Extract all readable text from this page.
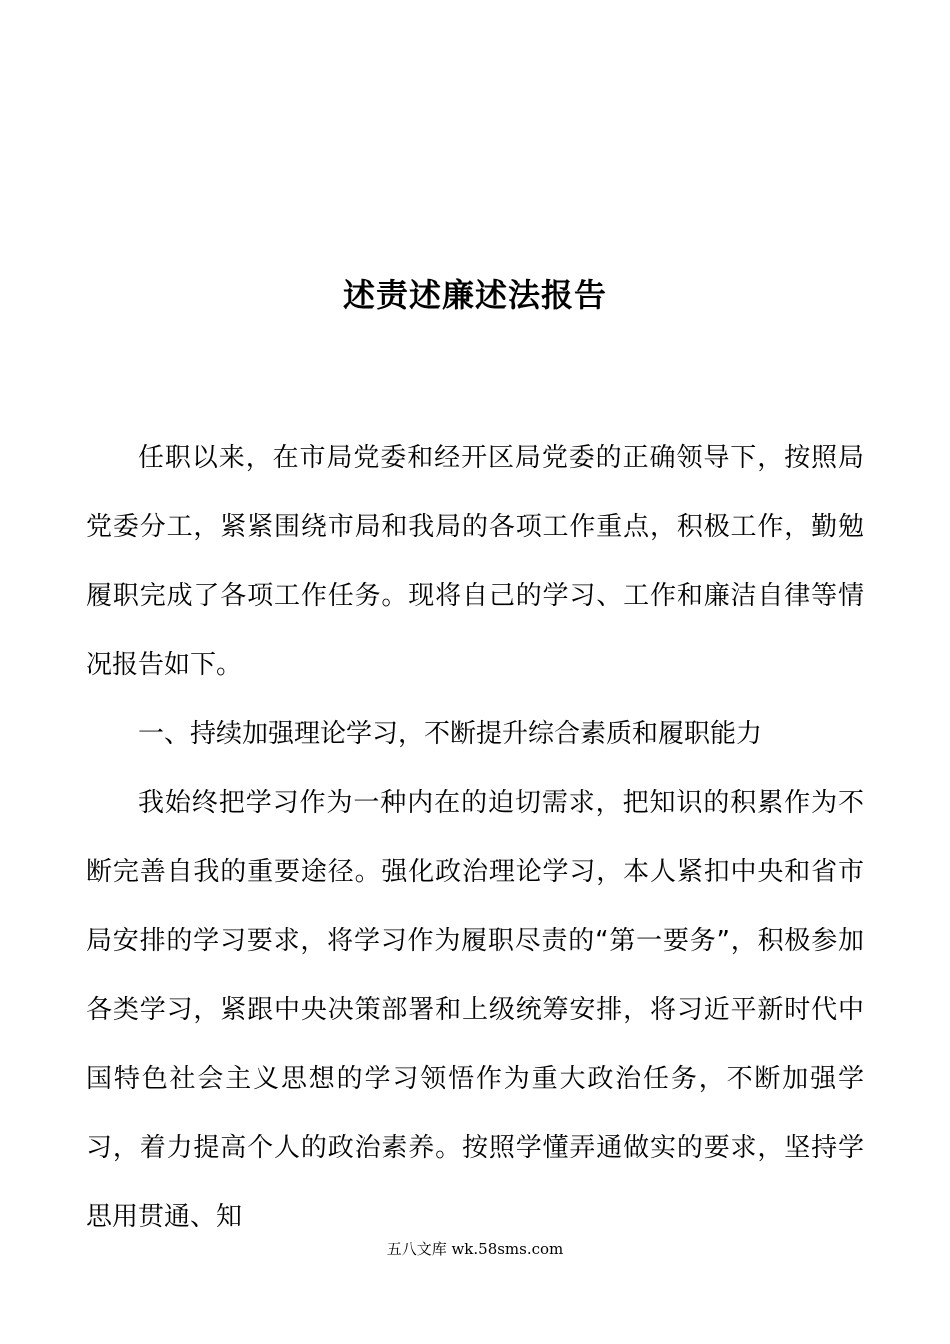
述责述廉述法报告

任职以来，在市局党委和经开区局党委的正确领导下，按照局党委分工，紧紧围绕市局和我局的各项工作重点，积极工作，勤勉履职完成了各项工作任务。现将自己的学习、工作和廉洁自律等情况报告如下。

一、持续加强理论学习，不断提升综合素质和履职能力

我始终把学习作为一种内在的迫切需求，把知识的积累作为不断完善自我的重要途径。强化政治理论学习，本人紧扣中央和省市局安排的学习要求，将学习作为履职尽责的“第一要务”，积极参加各类学习，紧跟中央决策部署和上级统筹安排，将习近平新时代中国特色社会主义思想的学习领悟作为重大政治任务，不断加强学习，着力提高个人的政治素养。按照学懂弄通做实的要求，坚持学思用贯通、知

五八文库 wk.58sms.com
